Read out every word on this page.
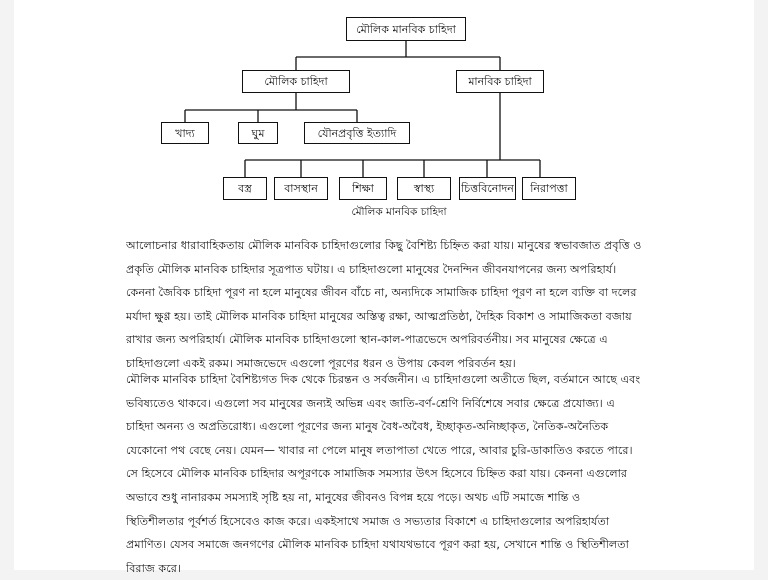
মৌলিক মানবিক চাহিদা
মৌলিক চাহিদা	মানবিক চাহিদা
খাদ্য	ঘুম	যৌনপ্রবৃত্তি ইত্যাদি
বস্ত্র	বাসস্থান	শিক্ষা	স্বাস্থ্য	চিত্তবিনোদন	নিরাপত্তা
মৌলিক মানবিক চাহিদা
আলোচনার ধারাবাহিকতায় মৌলিক মানবিক চাহিদাগুলোর কিছু বৈশিষ্ট্য চিহ্নিত করা যায়। মানুষের স্বভাবজাত প্রবৃত্তি ও
প্রকৃতি মৌলিক মানবিক চাহিদার সূত্রপাত ঘটায়। এ চাহিদাগুলো মানুষের দৈনন্দিন জীবনযাপনের জন্য অপরিহার্য।
কেননা জৈবিক চাহিদা পূরণ না হলে মানুষের জীবন বাঁচে না, অন্যদিকে সামাজিক চাহিদা পূরণ না হলে ব্যক্তি বা দলের
মর্যাদা ক্ষুণ্ণ হয়। তাই মৌলিক মানবিক চাহিদা মানুষের অস্তিত্ব রক্ষা, আত্মপ্রতিষ্ঠা, দৈহিক বিকাশ ও সামাজিকতা বজায়
রাখার জন্য অপরিহার্য। মৌলিক মানবিক চাহিদাগুলো স্থান-কাল-পাত্রভেদে অপরিবর্তনীয়। সব মানুষের ক্ষেত্রে এ
চাহিদাগুলো একই রকম। সমাজভেদে এগুলো পূরণের ধরন ও উপায় কেবল পরিবর্তন হয়।
মৌলিক মানবিক চাহিদা বৈশিষ্ট্যগত দিক থেকে চিরন্তন ও সর্বজনীন। এ চাহিদাগুলো অতীতে ছিল, বর্তমানে আছে এবং
ভবিষ্যতেও থাকবে। এগুলো সব মানুষের জন্যই অভিন্ন এবং জাতি-বর্ণ-শ্রেণি নির্বিশেষে সবার ক্ষেত্রে প্রযোজ্য। এ
চাহিদা অনন্য ও অপ্রতিরোধ্য। এগুলো পূরণের জন্য মানুষ বৈধ-অবৈধ, ইচ্ছাকৃত-অনিচ্ছাকৃত, নৈতিক-অনৈতিক
যেকোনো পথ বেছে নেয়। যেমন— খাবার না পেলে মানুষ লতাপাতা খেতে পারে, আবার চুরি-ডাকাতিও করতে পারে।
সে হিসেবে মৌলিক মানবিক চাহিদার অপূরণকে সামাজিক সমস্যার উৎস হিসেবে চিহ্নিত করা যায়। কেননা এগুলোর
অভাবে শুধু নানারকম সমস্যাই সৃষ্টি হয় না, মানুষের জীবনও বিপন্ন হয়ে পড়ে। অথচ এটি সমাজে শান্তি ও
স্থিতিশীলতার পূর্বশর্ত হিসেবেও কাজ করে। একইসাথে সমাজ ও সভ্যতার বিকাশে এ চাহিদাগুলোর অপরিহার্যতা
প্রমাণিত। যেসব সমাজে জনগণের মৌলিক মানবিক চাহিদা যথাযথভাবে পূরণ করা হয়, সেখানে শান্তি ও স্থিতিশীলতা
বিরাজ করে।
